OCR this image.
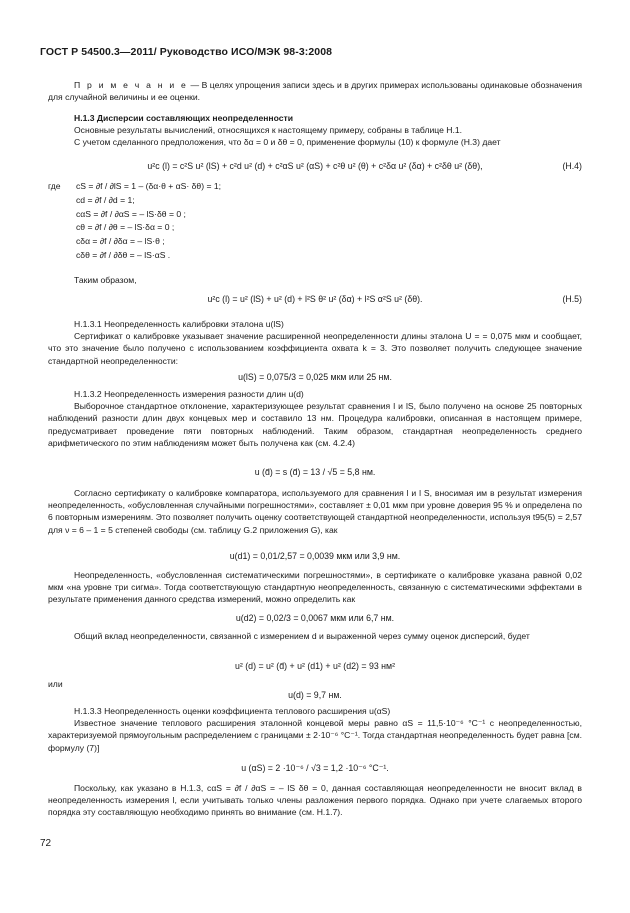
ГОСТ Р 54500.3—2011/ Руководство ИСО/МЭК 98-3:2008

П р и м е ч а н и е — В целях упрощения записи здесь и в других примерах использованы одинаковые обозначения для случайной величины и ее оценки.

Н.1.3 Дисперсии составляющих неопределенности

Основные результаты вычислений, относящихся к настоящему примеру, собраны в таблице Н.1.

С учетом сделанного предположения, что δα = 0 и δθ = 0, применение формулы (10) к формуле (Н.3) дает

u²c (l) = c²S u² (lS) + c²d u² (d) + c²αS u² (αS) + c²θ u² (θ) + c²δα u² (δα) + c²δθ u² (δθ),	(Н.4)
где cS = ∂f / ∂lS = 1 – (δα·θ + αS· δθ) = 1;
cd = ∂f / ∂d = 1;
cαS = ∂f / ∂αS = – lS·δθ = 0 ;
cθ = ∂f / ∂θ = – lS·δα = 0 ;
cδα = ∂f / ∂δα = – lS·θ ;
cδθ = ∂f / ∂δθ = – lS·αS .

Таким образом,

u²c (l) = u² (lS) + u² (d) + l²S θ² u² (δα) + l²S α²S u² (δθ).	(Н.5)

Н.1.3.1 Неопределенность калибровки эталона u(lS)

Сертификат о калибровке указывает значение расширенной неопределенности длины эталона U = = 0,075 мкм и сообщает, что это значение было получено с использованием коэффициента охвата k = 3. Это позволяет получить следующее значение стандартной неопределенности:

u(lS) = 0,075/3 = 0,025 мкм или 25 нм.

Н.1.3.2 Неопределенность измерения разности длин u(d)

Выборочное стандартное отклонение, характеризующее результат сравнения l и lS, было получено на основе 25 повторных наблюдений разности длин двух концевых мер и составило 13 нм. Процедура калибровки, описанная в настоящем примере, предусматривает проведение пяти повторных наблюдений. Таким образом, стандартная неопределенность среднего арифметического по этим наблюдениям может быть получена как (см. 4.2.4)

u (d̄) = s (d̄) = 13 / √5 = 5,8 нм.

Согласно сертификату о калибровке компаратора, используемого для сравнения l и l S, вносимая им в результат измерения неопределенность, «обусловленная случайными погрешностями», составляет ± 0,01 мкм при уровне доверия 95 % и определена по 6 повторным измерениям. Это позволяет получить оценку соответствующей стандартной неопределенности, используя t95(5) = 2,57 для ν = 6 – 1 = 5 степеней свободы (см. таблицу G.2 приложения G), как

u(d1) = 0,01/2,57 = 0,0039 мкм или 3,9 нм.

Неопределенность, «обусловленная систематическими погрешностями», в сертификате о калибровке указана равной 0,02 мкм «на уровне три сигма». Тогда соответствующую стандартную неопределенность, связанную с систематическими эффектами в результате применения данного средства измерений, можно определить как

u(d2) = 0,02/3 = 0,0067 мкм или 6,7 нм.

Общий вклад неопределенности, связанной с измерением d и выраженной через сумму оценок дисперсий, будет

u² (d) = u² (d̄) + u² (d1) + u² (d2) = 93 нм²

или

u(d) = 9,7 нм.

Н.1.3.3 Неопределенность оценки коэффициента теплового расширения u(αS)

Известное значение теплового расширения эталонной концевой меры равно αS = 11,5·10⁻⁶ °C⁻¹ с неопределенностью, характеризуемой прямоугольным распределением с границами ± 2·10⁻⁶ °C⁻¹. Тогда стандартная неопределенность будет равна [см. формулу (7)]

u (αS) = 2 ·10⁻⁶ / √3 = 1,2 ·10⁻⁶ °C⁻¹.

Поскольку, как указано в Н.1.3, cαS = ∂f / ∂αS = – lS δθ = 0, данная составляющая неопределенности не вносит вклад в неопределенность измерения l, если учитывать только члены разложения первого порядка. Однако при учете слагаемых второго порядка эту составляющую необходимо принять во внимание (см. Н.1.7).

72
